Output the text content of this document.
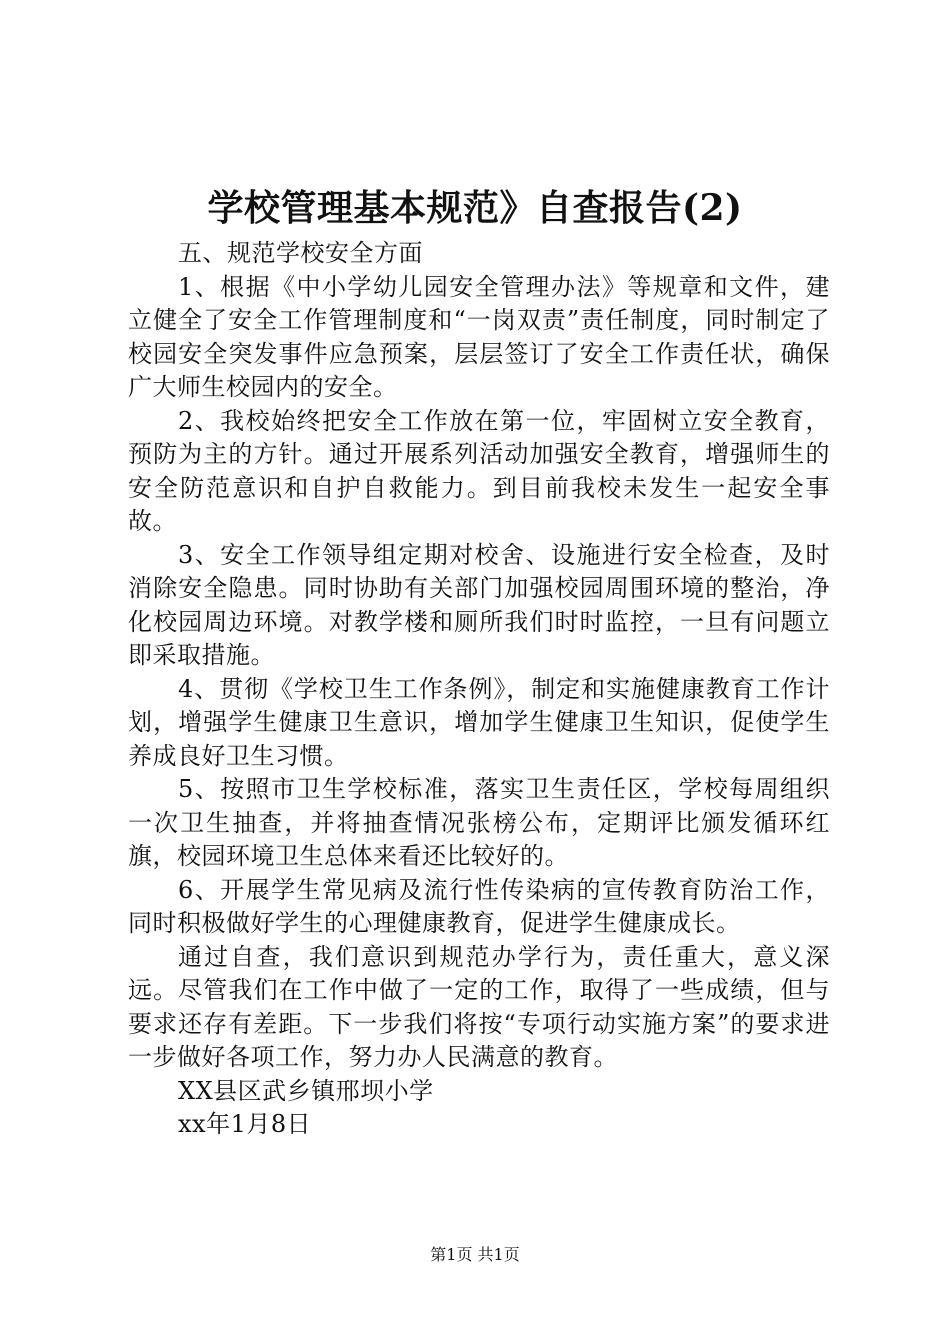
学校管理基本规范》自查报告(2)

五、规范学校安全方面

1、根据《中小学幼儿园安全管理办法》等规章和文件，建立健全了安全工作管理制度和“一岗双责”责任制度，同时制定了校园安全突发事件应急预案，层层签订了安全工作责任状，确保广大师生校园内的安全。

2、我校始终把安全工作放在第一位，牢固树立安全教育，预防为主的方针。通过开展系列活动加强安全教育，增强师生的安全防范意识和自护自救能力。到目前我校未发生一起安全事故。

3、安全工作领导组定期对校舍、设施进行安全检查，及时消除安全隐患。同时协助有关部门加强校园周围环境的整治，净化校园周边环境。对教学楼和厕所我们时时监控，一旦有问题立即采取措施。

4、贯彻《学校卫生工作条例》，制定和实施健康教育工作计划，增强学生健康卫生意识，增加学生健康卫生知识，促使学生养成良好卫生习惯。

5、按照市卫生学校标准，落实卫生责任区，学校每周组织一次卫生抽查，并将抽查情况张榜公布，定期评比颁发循环红旗，校园环境卫生总体来看还比较好的。

6、开展学生常见病及流行性传染病的宣传教育防治工作，同时积极做好学生的心理健康教育，促进学生健康成长。

通过自查，我们意识到规范办学行为，责任重大，意义深远。尽管我们在工作中做了一定的工作，取得了一些成绩，但与要求还存有差距。下一步我们将按“专项行动实施方案”的要求进一步做好各项工作，努力办人民满意的教育。

XX县区武乡镇邢坝小学

xx年1月8日

第1页 共1页
